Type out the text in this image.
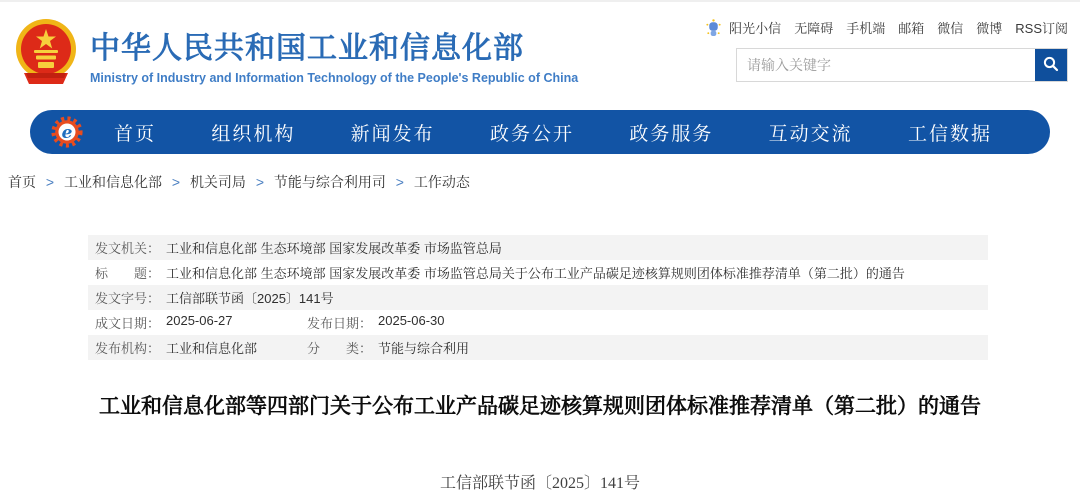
中华人民共和国工业和信息化部
Ministry of Industry and Information Technology of the People's Republic of China
阳光小信 无障碍 手机端 邮箱 微信 微博 RSS订阅
请输入关键字
e 首页	组织机构	新闻发布	政务公开	政务服务	互动交流	工信数据
首页 > 工业和信息化部 > 机关司局 > 节能与综合利用司 > 工作动态
发文机关： 工业和信息化部 生态环境部 国家发展改革委 市场监管总局
标　　题： 工业和信息化部 生态环境部 国家发展改革委 市场监管总局关于公布工业产品碳足迹核算规则团体标准推荐清单（第二批）的通告
发文字号： 工信部联节函〔2025〕141号
成文日期： 2025-06-27	发布日期： 2025-06-30
发布机构： 工业和信息化部	分　　类： 节能与综合利用
工业和信息化部等四部门关于公布工业产品碳足迹核算规则团体标准推荐清单（第二批）的通告
工信部联节函〔2025〕141号
